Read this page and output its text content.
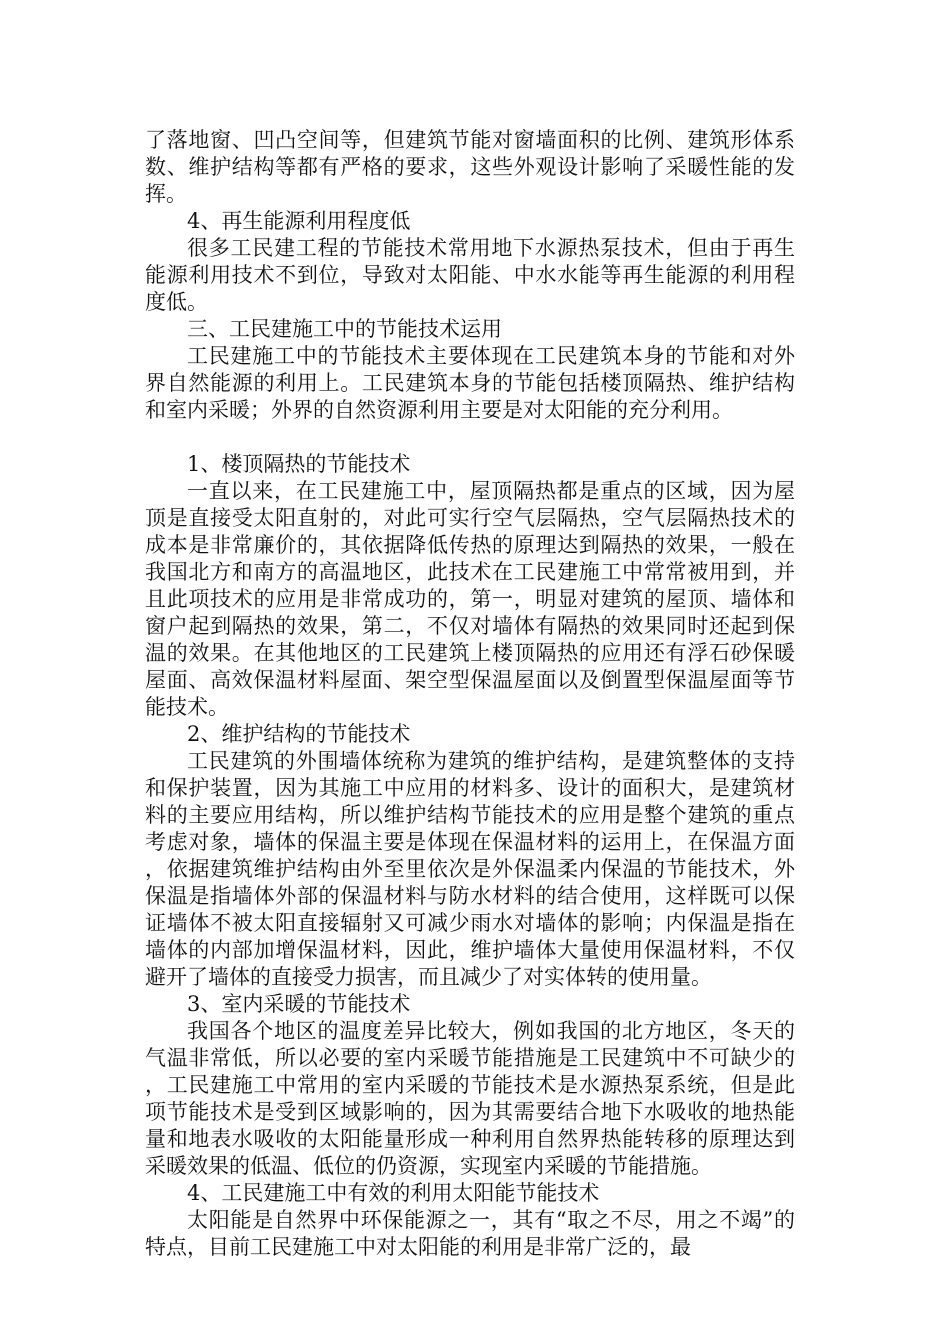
了落地窗、凹凸空间等，但建筑节能对窗墙面积的比例、建筑形体系数、维护结构等都有严格的要求，这些外观设计影响了采暖性能的发挥。

4、再生能源利用程度低

很多工民建工程的节能技术常用地下水源热泵技术，但由于再生能源利用技术不到位，导致对太阳能、中水水能等再生能源的利用程度低。

三、工民建施工中的节能技术运用

工民建施工中的节能技术主要体现在工民建筑本身的节能和对外界自然能源的利用上。工民建筑本身的节能包括楼顶隔热、维护结构和室内采暖；外界的自然资源利用主要是对太阳能的充分利用。

1、楼顶隔热的节能技术

一直以来，在工民建施工中，屋顶隔热都是重点的区域，因为屋顶是直接受太阳直射的，对此可实行空气层隔热，空气层隔热技术的成本是非常廉价的，其依据降低传热的原理达到隔热的效果，一般在我国北方和南方的高温地区，此技术在工民建施工中常常被用到，并且此项技术的应用是非常成功的，第一，明显对建筑的屋顶、墙体和窗户起到隔热的效果，第二，不仅对墙体有隔热的效果同时还起到保温的效果。在其他地区的工民建筑上楼顶隔热的应用还有浮石砂保暖屋面、高效保温材料屋面、架空型保温屋面以及倒置型保温屋面等节能技术。

2、维护结构的节能技术

工民建筑的外围墙体统称为建筑的维护结构，是建筑整体的支持和保护装置，因为其施工中应用的材料多、设计的面积大，是建筑材料的主要应用结构，所以维护结构节能技术的应用是整个建筑的重点考虑对象，墙体的保温主要是体现在保温材料的运用上，在保温方面，依据建筑维护结构由外至里依次是外保温柔内保温的节能技术，外保温是指墙体外部的保温材料与防水材料的结合使用，这样既可以保证墙体不被太阳直接辐射又可减少雨水对墙体的影响；内保温是指在墙体的内部加增保温材料，因此，维护墙体大量使用保温材料，不仅避开了墙体的直接受力损害，而且减少了对实体转的使用量。

3、室内采暖的节能技术

我国各个地区的温度差异比较大，例如我国的北方地区，冬天的气温非常低，所以必要的室内采暖节能措施是工民建筑中不可缺少的，工民建施工中常用的室内采暖的节能技术是水源热泵系统，但是此项节能技术是受到区域影响的，因为其需要结合地下水吸收的地热能量和地表水吸收的太阳能量形成一种利用自然界热能转移的原理达到采暖效果的低温、低位的仍资源，实现室内采暖的节能措施。

4、工民建施工中有效的利用太阳能节能技术

太阳能是自然界中环保能源之一，其有“取之不尽，用之不竭”的特点，目前工民建施工中对太阳能的利用是非常广泛的，最
